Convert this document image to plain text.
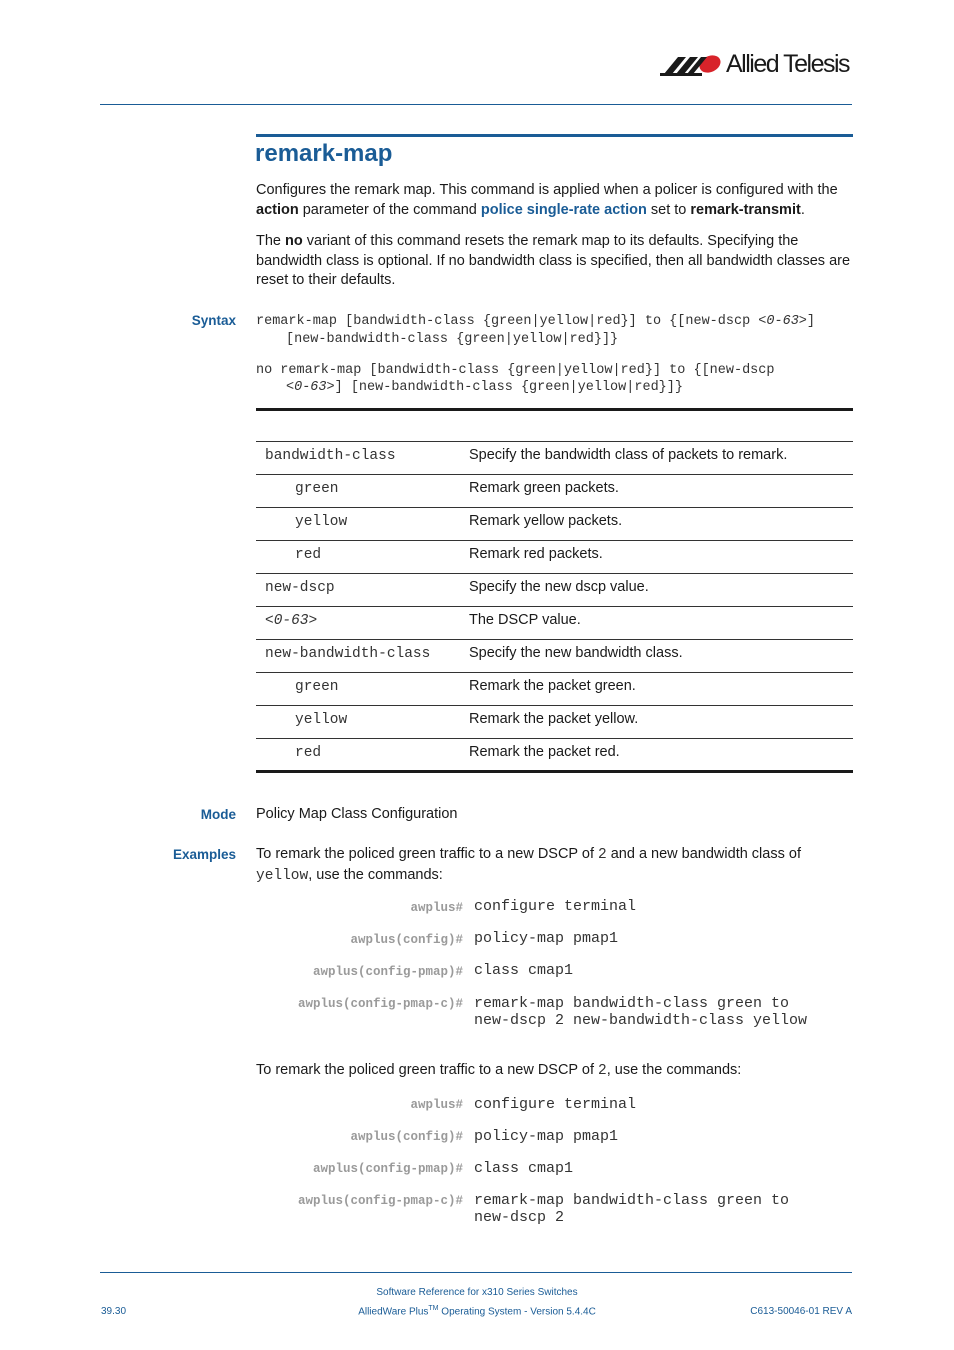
Allied Telesis
remark-map
Configures the remark map. This command is applied when a policer is configured with the action parameter of the command police single-rate action set to remark-transmit.
The no variant of this command resets the remark map to its defaults. Specifying the bandwidth class is optional. If no bandwidth class is specified, then all bandwidth classes are reset to their defaults.
Syntax remark-map [bandwidth-class {green|yellow|red}] to {[new-dscp <0-63>]
[new-bandwidth-class {green|yellow|red}]}
no remark-map [bandwidth-class {green|yellow|red}] to {[new-dscp
<0-63>] [new-bandwidth-class {green|yellow|red}]}
bandwidth-class	Specify the bandwidth class of packets to remark.
green	Remark green packets.
yellow	Remark yellow packets.
red	Remark red packets.
new-dscp	Specify the new dscp value.
<0-63>	The DSCP value.
new-bandwidth-class	Specify the new bandwidth class.
green	Remark the packet green.
yellow	Remark the packet yellow.
red	Remark the packet red.
Mode Policy Map Class Configuration
Examples To remark the policed green traffic to a new DSCP of 2 and a new bandwidth class of yellow, use the commands:
awplus# configure terminal
awplus(config)# policy-map pmap1
awplus(config-pmap)# class cmap1
awplus(config-pmap-c)# remark-map bandwidth-class green to
new-dscp 2 new-bandwidth-class yellow
To remark the policed green traffic to a new DSCP of 2, use the commands:
awplus# configure terminal
awplus(config)# policy-map pmap1
awplus(config-pmap)# class cmap1
awplus(config-pmap-c)# remark-map bandwidth-class green to
new-dscp 2
Software Reference for x310 Series Switches
AlliedWare Plus™ Operating System - Version 5.4.4C
39.30	C613-50046-01 REV A
